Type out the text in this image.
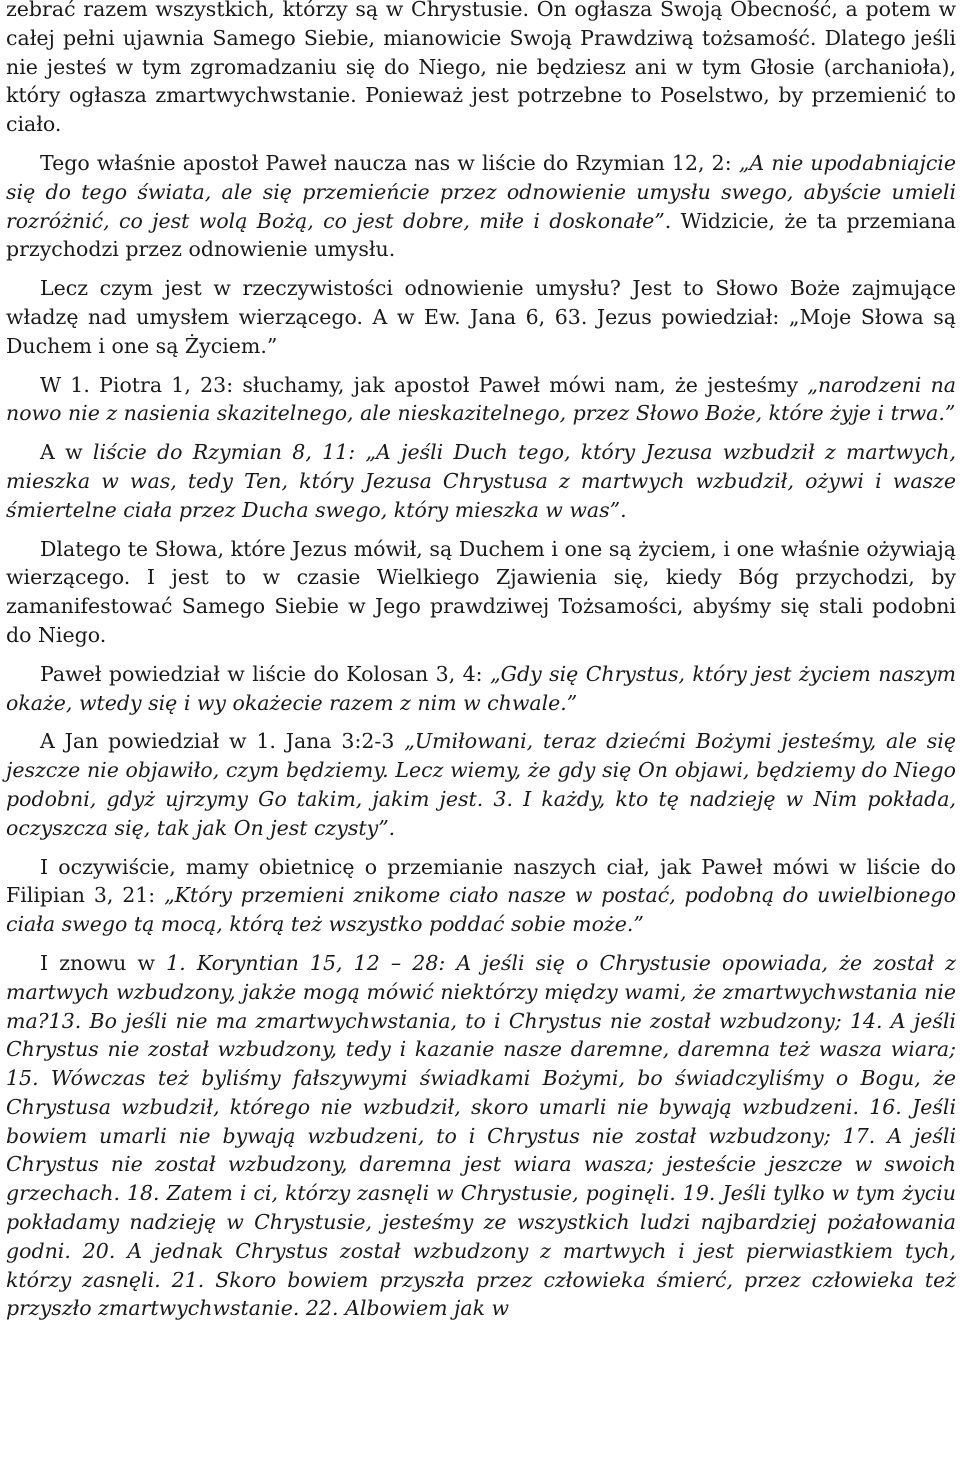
zebrać razem wszystkich, którzy są w Chrystusie. On ogłasza Swoją Obecność, a potem w całej pełni ujawnia Samego Siebie, mianowicie Swoją Prawdziwą tożsamość. Dlatego jeśli nie jesteś w tym zgromadzaniu się do Niego, nie będziesz ani w tym Głosie (archanioła), który ogłasza zmartwychwstanie. Ponieważ jest potrzebne to Poselstwo, by przemienić to ciało.

Tego właśnie apostoł Paweł naucza nas w liście do Rzymian 12, 2: „A nie upodabniajcie się do tego świata, ale się przemieńcie przez odnowienie umysłu swego, abyście umieli rozróżnić, co jest wolą Bożą, co jest dobre, miłe i doskonałe”. Widzicie, że ta przemiana przychodzi przez odnowienie umysłu.

Lecz czym jest w rzeczywistości odnowienie umysłu? Jest to Słowo Boże zajmujące władzę nad umysłem wierzącego. A w Ew. Jana 6, 63. Jezus powiedział: „Moje Słowa są Duchem i one są Życiem.”

W 1. Piotra 1, 23: słuchamy, jak apostoł Paweł mówi nam, że jesteśmy „narodzeni na nowo nie z nasienia skazitelnego, ale nieskazitelnego, przez Słowo Boże, które żyje i trwa.”

A w liście do Rzymian 8, 11: „A jeśli Duch tego, który Jezusa wzbudził z martwych, mieszka w was, tedy Ten, który Jezusa Chrystusa z martwych wzbudził, ożywi i wasze śmiertelne ciała przez Ducha swego, który mieszka w was”.

Dlatego te Słowa, które Jezus mówił, są Duchem i one są życiem, i one właśnie ożywiają wierzącego. I jest to w czasie Wielkiego Zjawienia się, kiedy Bóg przychodzi, by zamanifestować Samego Siebie w Jego prawdziwej Tożsamości, abyśmy się stali podobni do Niego.

Paweł powiedział w liście do Kolosan 3, 4: „Gdy się Chrystus, który jest życiem naszym okaże, wtedy się i wy okażecie razem z nim w chwale.”

A Jan powiedział w 1. Jana 3:2-3 „Umiłowani, teraz dziećmi Bożymi jesteśmy, ale się jeszcze nie objawiło, czym będziemy. Lecz wiemy, że gdy się On objawi, będziemy do Niego podobni, gdyż ujrzymy Go takim, jakim jest. 3. I każdy, kto tę nadzieję w Nim pokłada, oczyszcza się, tak jak On jest czysty”.

I oczywiście, mamy obietnicę o przemianie naszych ciał, jak Paweł mówi w liście do Filipian 3, 21: „Który przemieni znikome ciało nasze w postać, podobną do uwielbionego ciała swego tą mocą, którą też wszystko poddać sobie może.”

I znowu w 1. Koryntian 15, 12 – 28: A jeśli się o Chrystusie opowiada, że został z martwych wzbudzony, jakże mogą mówić niektórzy między wami, że zmartwychwstania nie ma?13. Bo jeśli nie ma zmartwychwstania, to i Chrystus nie został wzbudzony; 14. A jeśli Chrystus nie został wzbudzony, tedy i kazanie nasze daremne, daremna też wasza wiara; 15. Wówczas też byliśmy fałszywymi świadkami Bożymi, bo świadczyliśmy o Bogu, że Chrystusa wzbudził, którego nie wzbudził, skoro umarli nie bywają wzbudzeni. 16. Jeśli bowiem umarli nie bywają wzbudzeni, to i Chrystus nie został wzbudzony; 17. A jeśli Chrystus nie został wzbudzony, daremna jest wiara wasza; jesteście jeszcze w swoich grzechach. 18. Zatem i ci, którzy zasnęli w Chrystusie, poginęli. 19. Jeśli tylko w tym życiu pokładamy nadzieję w Chrystusie, jesteśmy ze wszystkich ludzi najbardziej pożałowania godni. 20. A jednak Chrystus został wzbudzony z martwych i jest pierwiastkiem tych, którzy zasnęli. 21. Skoro bowiem przyszła przez człowieka śmierć, przez człowieka też przyszło zmartwychwstanie. 22. Albowiem jak w
